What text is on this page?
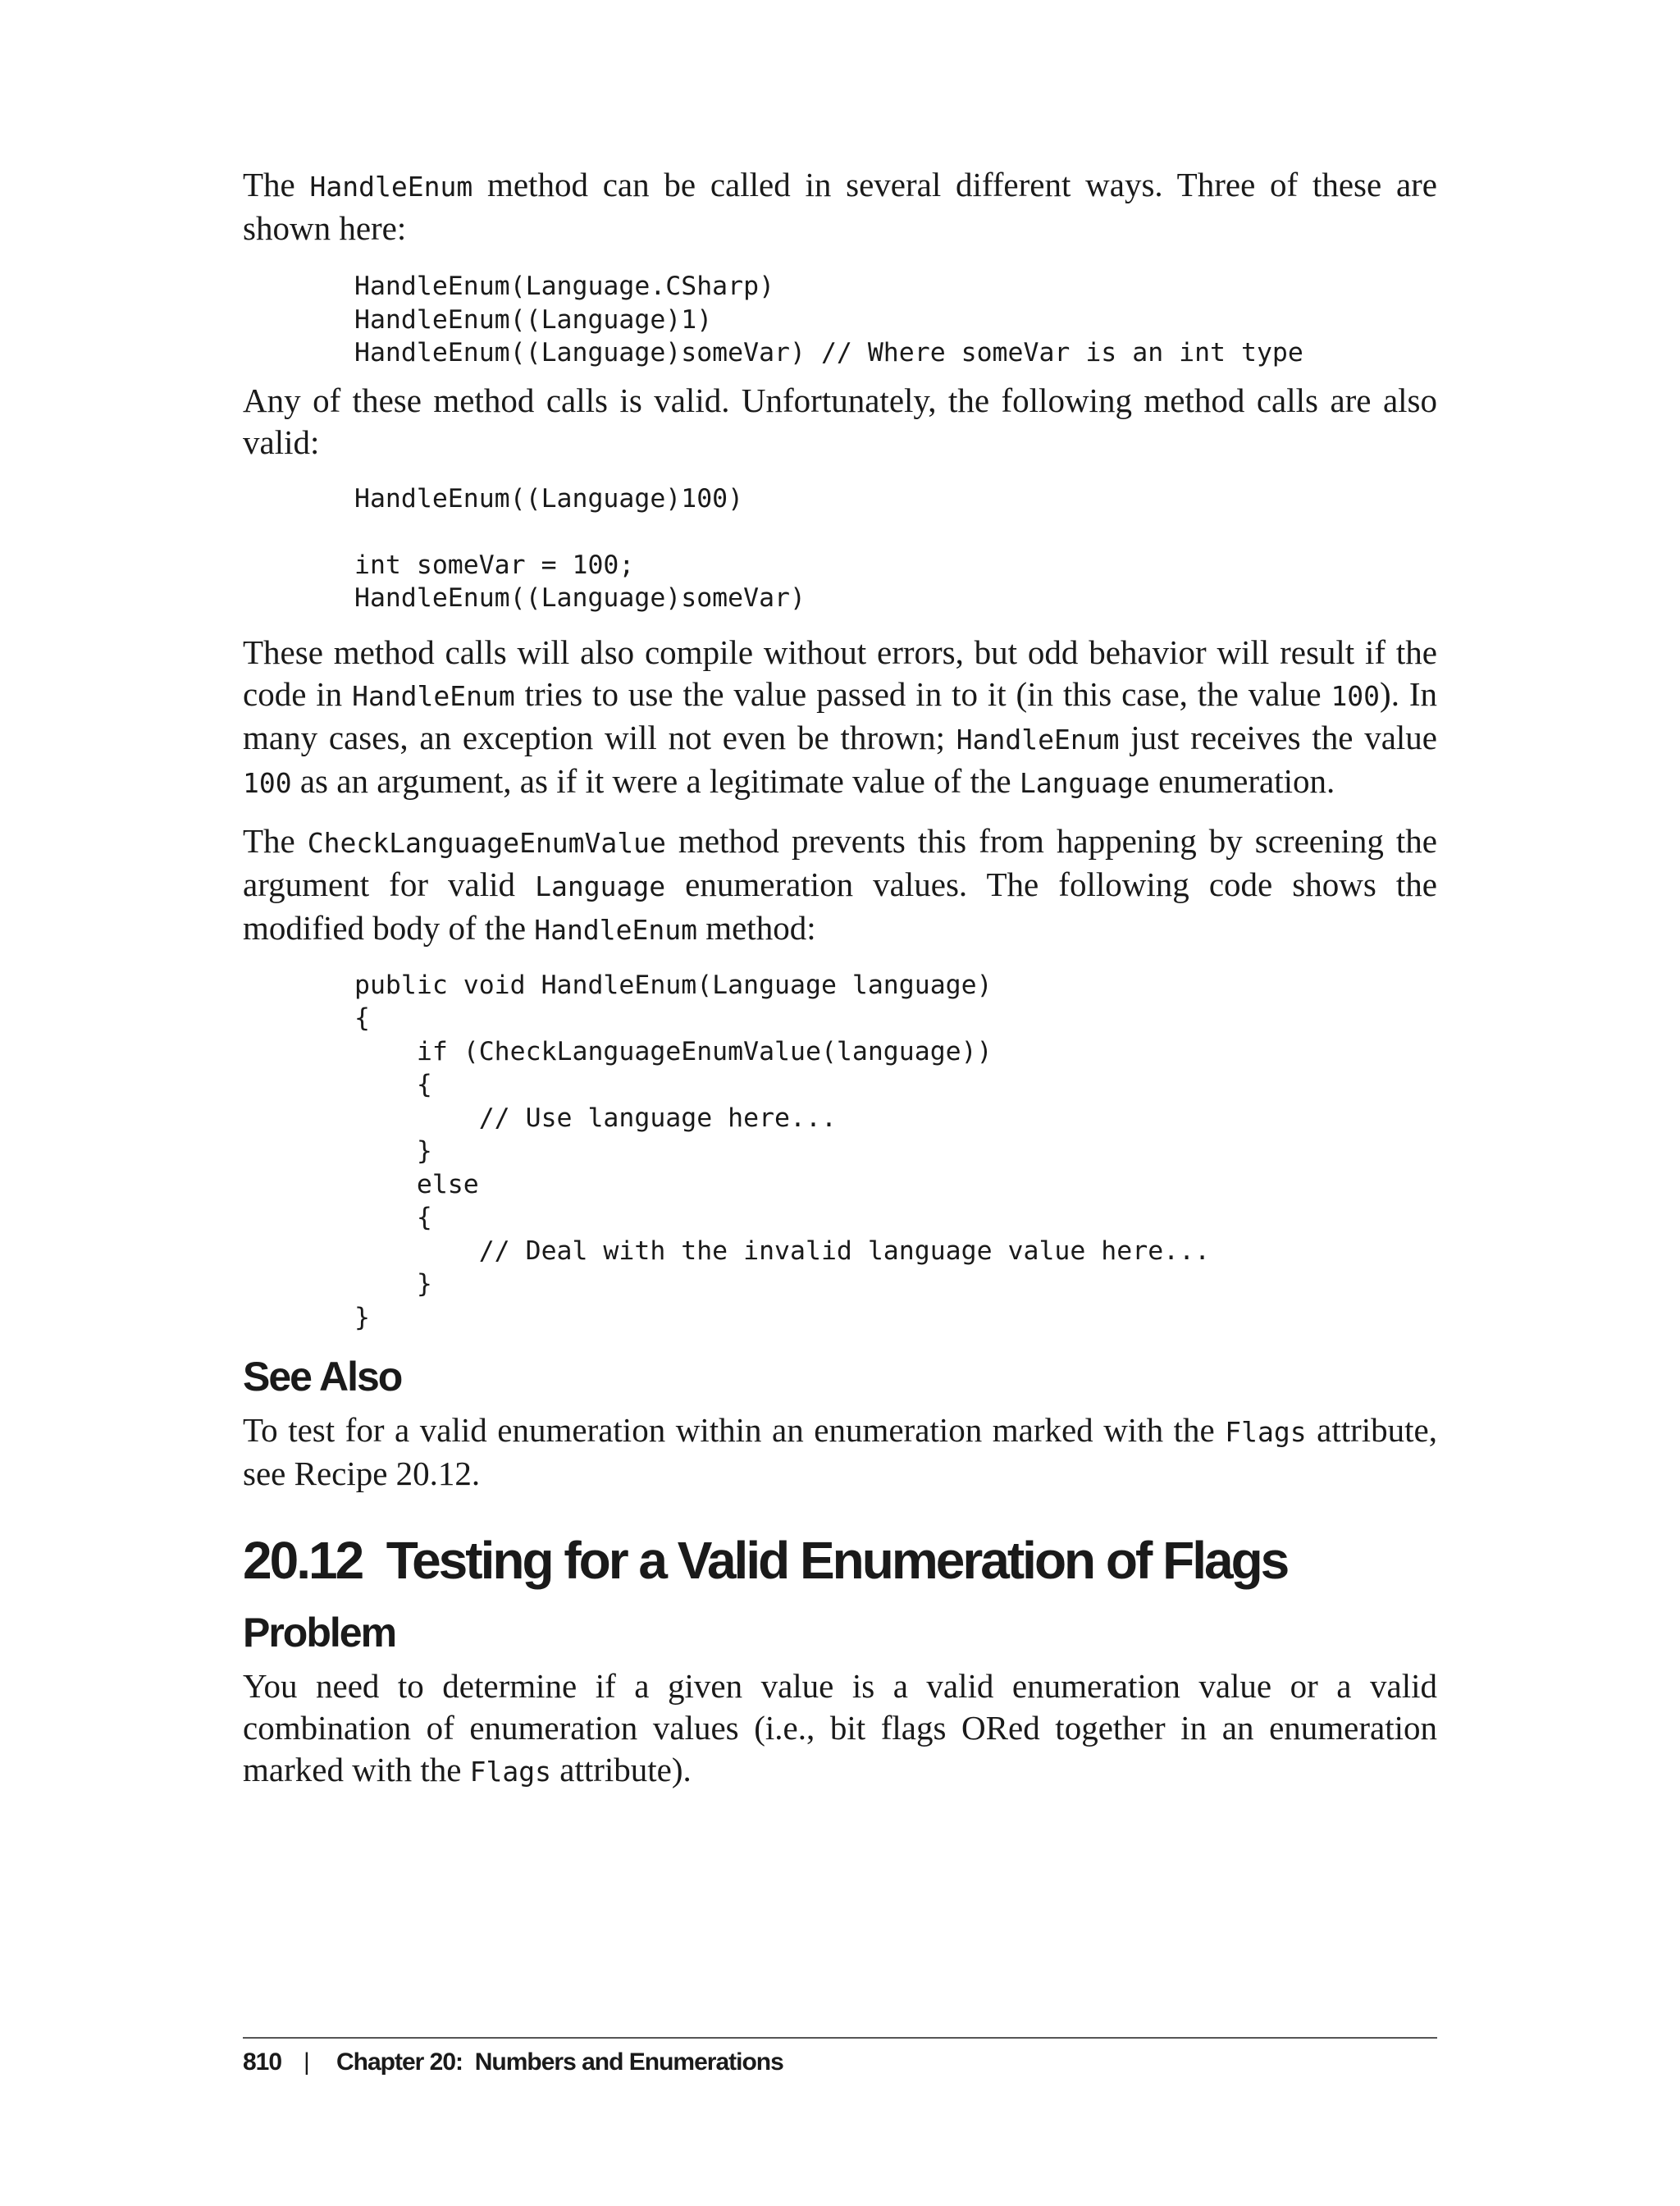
The HandleEnum method can be called in several different ways. Three of these are shown here:

HandleEnum(Language.CSharp)
HandleEnum((Language)1)
HandleEnum((Language)someVar) // Where someVar is an int type

Any of these method calls is valid. Unfortunately, the following method calls are also valid:

HandleEnum((Language)100)

int someVar = 100;
HandleEnum((Language)someVar)

These method calls will also compile without errors, but odd behavior will result if the code in HandleEnum tries to use the value passed in to it (in this case, the value 100). In many cases, an exception will not even be thrown; HandleEnum just receives the value 100 as an argument, as if it were a legitimate value of the Language enumeration.

The CheckLanguageEnumValue method prevents this from happening by screening the argument for valid Language enumeration values. The following code shows the modified body of the HandleEnum method:

public void HandleEnum(Language language)
{
if (CheckLanguageEnumValue(language))
{
// Use language here...
}
else
{
// Deal with the invalid language value here...
}
}
See Also

To test for a valid enumeration within an enumeration marked with the Flags attribute, see Recipe 20.12.

20.12  Testing for a Valid Enumeration of Flags
Problem

You need to determine if a given value is a valid enumeration value or a valid combination of enumeration values (i.e., bit flags ORed together in an enumeration marked with the Flags attribute).

810 | Chapter 20:  Numbers and Enumerations
